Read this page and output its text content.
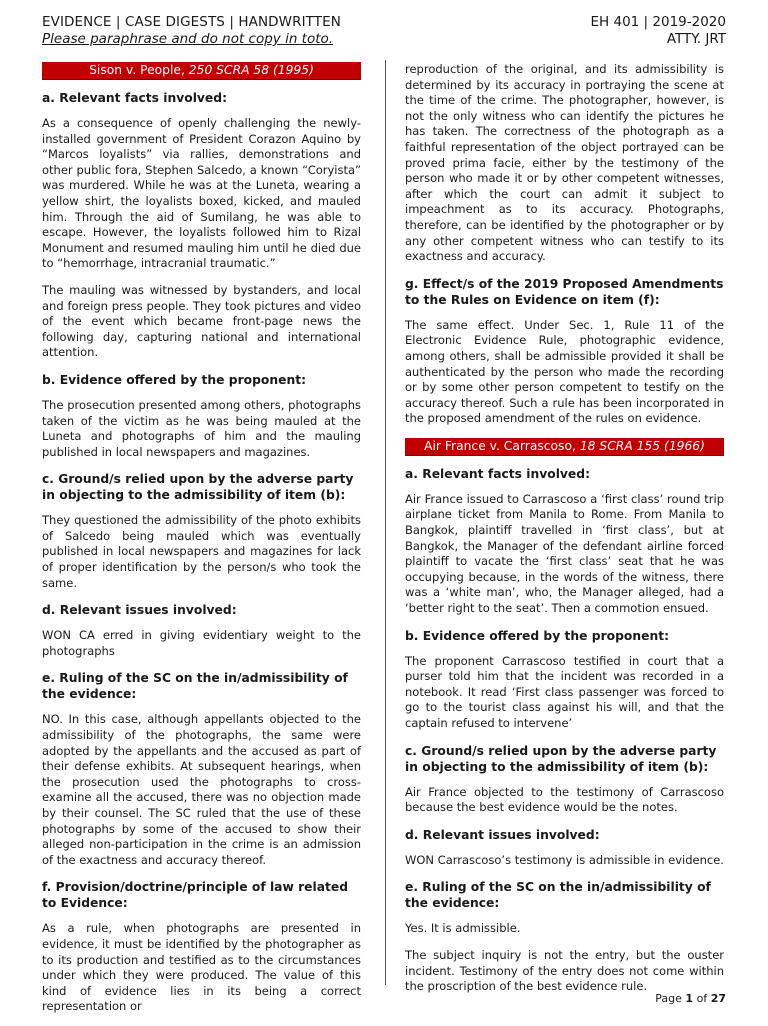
EVIDENCE | CASE DIGESTS | HANDWRITTEN
Please paraphrase and do not copy in toto.
EH 401 | 2019-2020
ATTY. JRT
Sison v. People, 250 SCRA 58 (1995)
a. Relevant facts involved:

As a consequence of openly challenging the newly-installed government of President Corazon Aquino by “Marcos loyalists” via rallies, demonstrations and other public fora, Stephen Salcedo, a known “Coryista” was murdered. While he was at the Luneta, wearing a yellow shirt, the loyalists boxed, kicked, and mauled him. Through the aid of Sumilang, he was able to escape. However, the loyalists followed him to Rizal Monument and resumed mauling him until he died due to “hemorrhage, intracranial traumatic.”

The mauling was witnessed by bystanders, and local and foreign press people. They took pictures and video of the event which became front-page news the following day, capturing national and international attention.

b. Evidence offered by the proponent:

The prosecution presented among others, photographs taken of the victim as he was being mauled at the Luneta and photographs of him and the mauling published in local newspapers and magazines.

c. Ground/s relied upon by the adverse party in objecting to the admissibility of item (b):

They questioned the admissibility of the photo exhibits of Salcedo being mauled which was eventually published in local newspapers and magazines for lack of proper identification by the person/s who took the same.

d. Relevant issues involved:

WON CA erred in giving evidentiary weight to the photographs

e. Ruling of the SC on the in/admissibility of the evidence:

NO. In this case, although appellants objected to the admissibility of the photographs, the same were adopted by the appellants and the accused as part of their defense exhibits. At subsequent hearings, when the prosecution used the photographs to cross-examine all the accused, there was no objection made by their counsel. The SC ruled that the use of these photographs by some of the accused to show their alleged non-participation in the crime is an admission of the exactness and accuracy thereof.

f. Provision/doctrine/principle of law related to Evidence:

As a rule, when photographs are presented in evidence, it must be identified by the photographer as to its production and testified as to the circumstances under which they were produced. The value of this kind of evidence lies in its being a correct representation or

reproduction of the original, and its admissibility is determined by its accuracy in portraying the scene at the time of the crime. The photographer, however, is not the only witness who can identify the pictures he has taken. The correctness of the photograph as a faithful representation of the object portrayed can be proved prima facie, either by the testimony of the person who made it or by other competent witnesses, after which the court can admit it subject to impeachment as to its accuracy. Photographs, therefore, can be identified by the photographer or by any other competent witness who can testify to its exactness and accuracy.

g. Effect/s of the 2019 Proposed Amendments to the Rules on Evidence on item (f):

The same effect. Under Sec. 1, Rule 11 of the Electronic Evidence Rule, photographic evidence, among others, shall be admissible provided it shall be authenticated by the person who made the recording or by some other person competent to testify on the accuracy thereof. Such a rule has been incorporated in the proposed amendment of the rules on evidence.

Air France v. Carrascoso, 18 SCRA 155 (1966)
a. Relevant facts involved:

Air France issued to Carrascoso a ‘first class’ round trip airplane ticket from Manila to Rome. From Manila to Bangkok, plaintiff travelled in ‘first class’, but at Bangkok, the Manager of the defendant airline forced plaintiff to vacate the ‘first class’ seat that he was occupying because, in the words of the witness, there was a ‘white man’, who, the Manager alleged, had a ‘better right to the seat’. Then a commotion ensued.

b. Evidence offered by the proponent:

The proponent Carrascoso testified in court that a purser told him that the incident was recorded in a notebook. It read ‘First class passenger was forced to go to the tourist class against his will, and that the captain refused to intervene’

c. Ground/s relied upon by the adverse party in objecting to the admissibility of item (b):

Air France objected to the testimony of Carrascoso because the best evidence would be the notes.

d. Relevant issues involved:

WON Carrascoso’s testimony is admissible in evidence.

e. Ruling of the SC on the in/admissibility of the evidence:

Yes. It is admissible.

The subject inquiry is not the entry, but the ouster incident. Testimony of the entry does not come within the proscription of the best evidence rule.

Page 1 of 27
